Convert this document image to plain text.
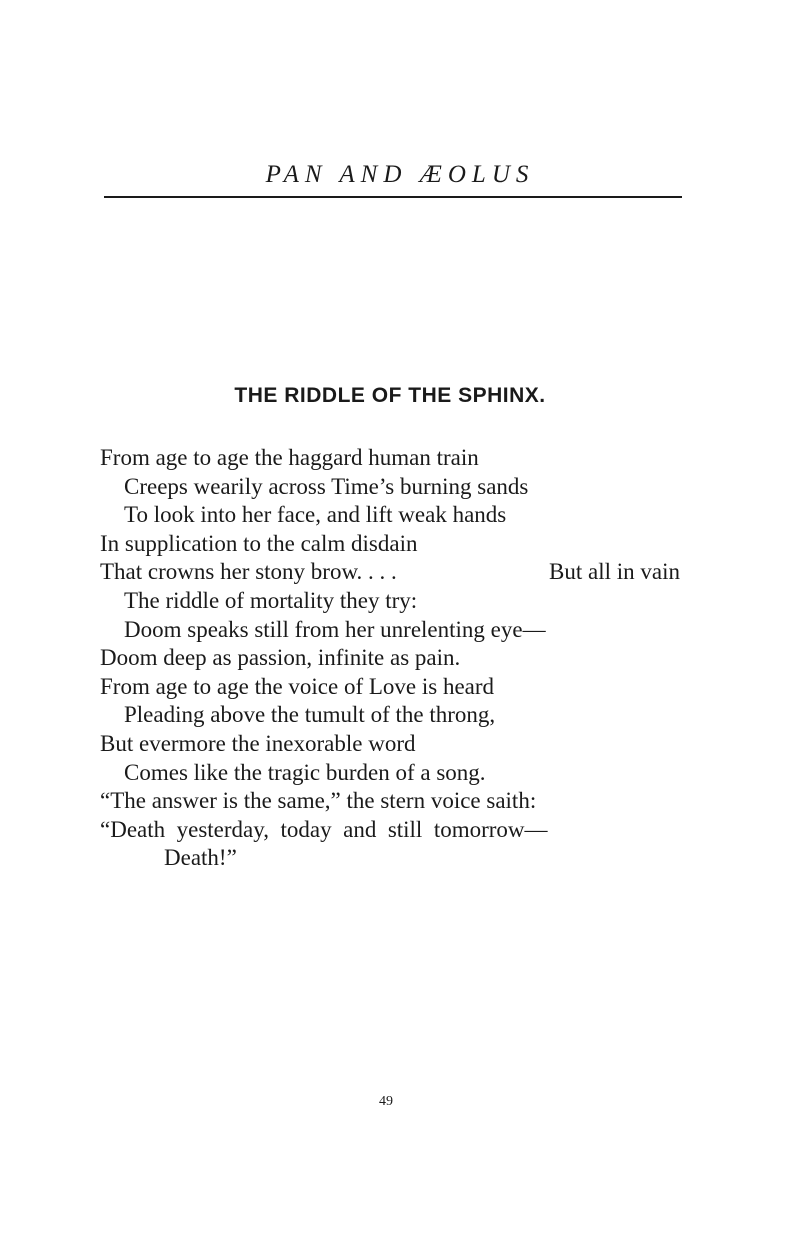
PAN AND ÆOLUS
THE RIDDLE OF THE SPHINX.
From age to age the haggard human train
Creeps wearily across Time’s burning sands
To look into her face, and lift weak hands
In supplication to the calm disdain
That crowns her stony brow. . . .	But all in vain
The riddle of mortality they try:
Doom speaks still from her unrelenting eye—
Doom deep as passion, infinite as pain.
From age to age the voice of Love is heard
Pleading above the tumult of the throng,
But evermore the inexorable word
Comes like the tragic burden of a song.
“The answer is the same,” the stern voice saith:
“Death  yesterday,  today  and  still  tomorrow—
Death!”
49
